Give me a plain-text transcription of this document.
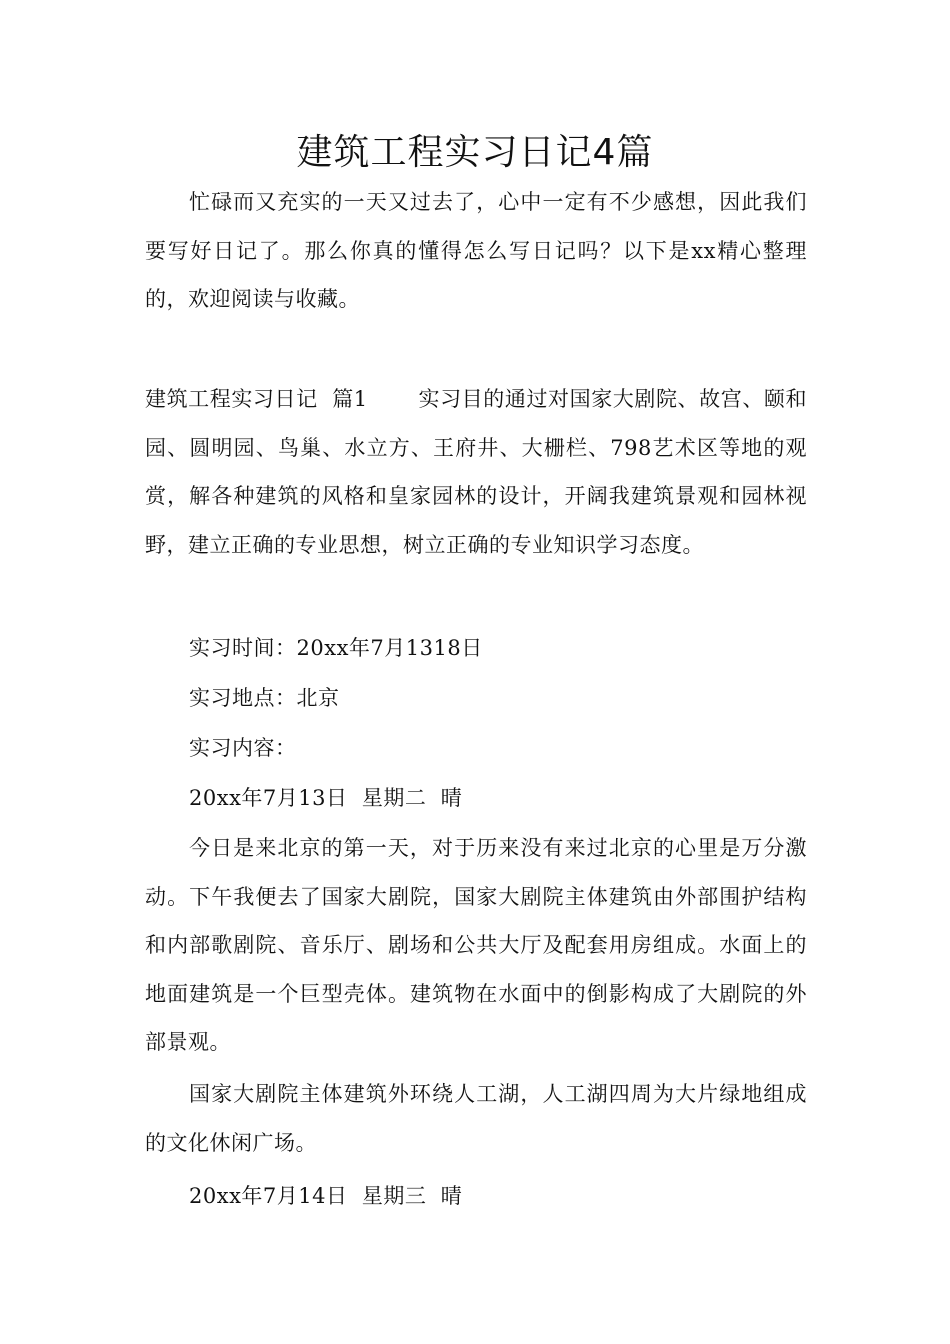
建筑工程实习日记4篇

忙碌而又充实的一天又过去了，心中一定有不少感想，因此我们要写好日记了。那么你真的懂得怎么写日记吗？以下是xx精心整理的，欢迎阅读与收藏。

建筑工程实习日记  篇1       实习目的通过对国家大剧院、故宫、颐和园、圆明园、鸟巢、水立方、王府井、大栅栏、798艺术区等地的观赏，解各种建筑的风格和皇家园林的设计，开阔我建筑景观和园林视野，建立正确的专业思想，树立正确的专业知识学习态度。

实习时间：20xx年7月1318日

实习地点：北京

实习内容：

20xx年7月13日  星期二  晴

今日是来北京的第一天，对于历来没有来过北京的心里是万分激动。下午我便去了国家大剧院，国家大剧院主体建筑由外部围护结构和内部歌剧院、音乐厅、剧场和公共大厅及配套用房组成。水面上的地面建筑是一个巨型壳体。建筑物在水面中的倒影构成了大剧院的外部景观。

国家大剧院主体建筑外环绕人工湖，人工湖四周为大片绿地组成的文化休闲广场。

20xx年7月14日  星期三  晴
